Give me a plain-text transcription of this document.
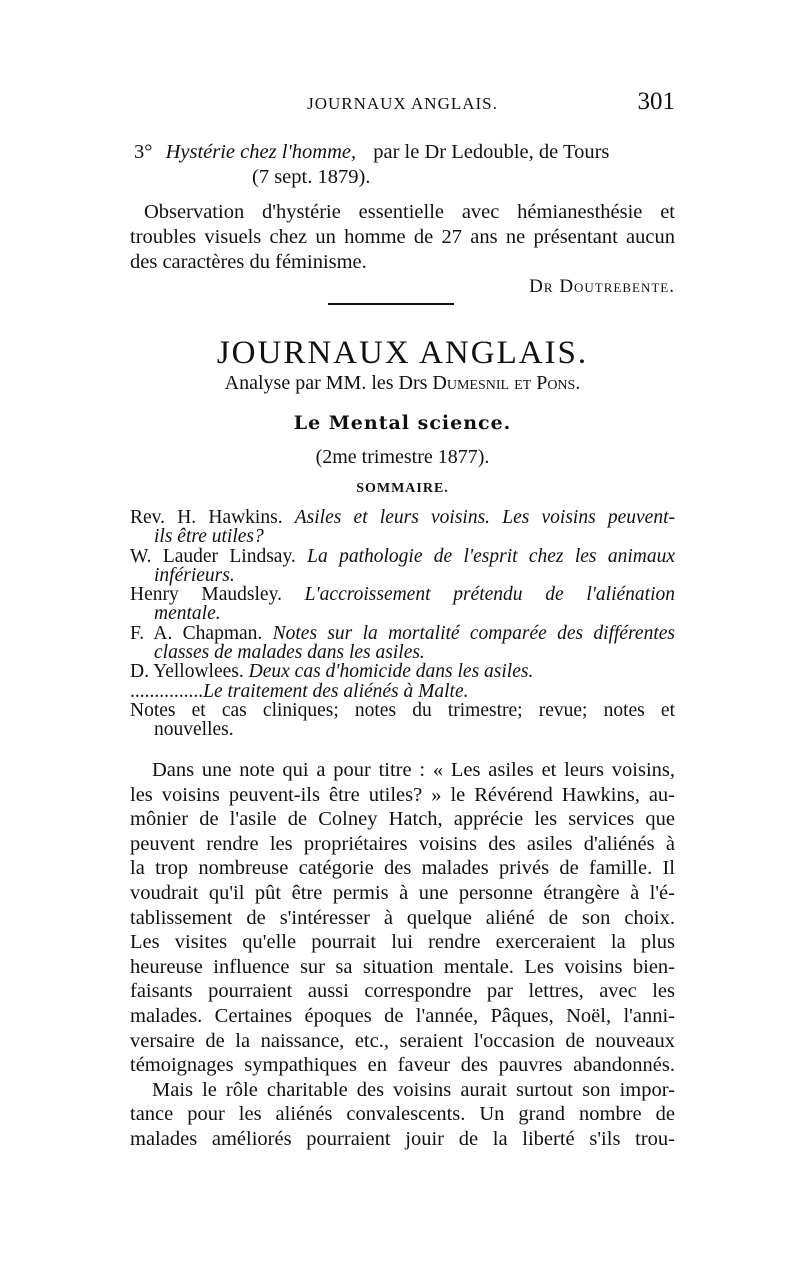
JOURNAUX ANGLAIS.	301
3° Hystérie chez l'homme, par le Dr Ledouble, de Tours
(7 sept. 1879).
Observation d'hystérie essentielle avec hémianesthésie et
troubles visuels chez un homme de 27 ans ne présentant aucun
des caractères du féminisme.
Dr Doutrebente.
JOURNAUX ANGLAIS.
Analyse par MM. les Drs Dumesnil et Pons.
Le Mental science.
(2me trimestre 1877).
SOMMAIRE.
Rev. H. Hawkins. Asiles et leurs voisins. Les voisins peuvent-
ils être utiles?
W. Lauder Lindsay. La pathologie de l'esprit chez les animaux
inférieurs.
Henry Maudsley. L'accroissement prétendu de l'aliénation
mentale.
F. A. Chapman. Notes sur la mortalité comparée des différentes
classes de malades dans les asiles.
D. Yellowlees. Deux cas d'homicide dans les asiles.
...............Le traitement des aliénés à Malte.
Notes et cas cliniques; notes du trimestre; revue; notes et
nouvelles.
Dans une note qui a pour titre : « Les asiles et leurs voisins,
les voisins peuvent-ils être utiles? » le Révérend Hawkins, au-
mônier de l'asile de Colney Hatch, apprécie les services que
peuvent rendre les propriétaires voisins des asiles d'aliénés à
la trop nombreuse catégorie des malades privés de famille. Il
voudrait qu'il pût être permis à une personne étrangère à l'é-
tablissement de s'intéresser à quelque aliéné de son choix.
Les visites qu'elle pourrait lui rendre exerceraient la plus
heureuse influence sur sa situation mentale. Les voisins bien-
faisants pourraient aussi correspondre par lettres, avec les
malades. Certaines époques de l'année, Pâques, Noël, l'anni-
versaire de la naissance, etc., seraient l'occasion de nouveaux
témoignages sympathiques en faveur des pauvres abandonnés.
Mais le rôle charitable des voisins aurait surtout son impor-
tance pour les aliénés convalescents. Un grand nombre de
malades améliorés pourraient jouir de la liberté s'ils trou-
